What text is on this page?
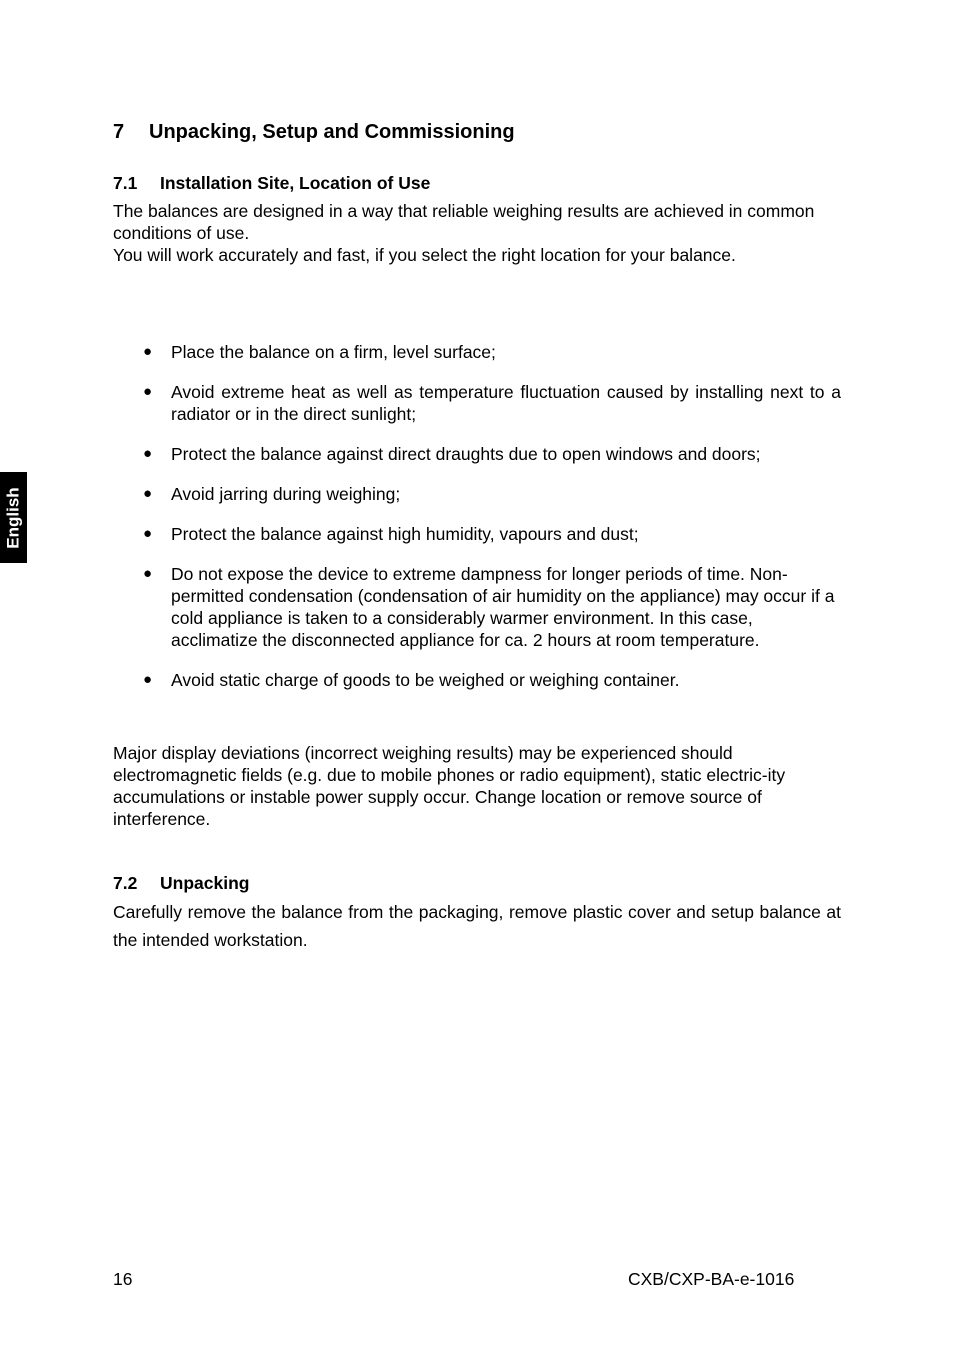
English
7 Unpacking, Setup and Commissioning
7.1 Installation Site, Location of Use

The balances are designed in a way that reliable weighing results are achieved in common conditions of use.
You will work accurately and fast, if you select the right location for your balance.

● Place the balance on a firm, level surface;
● Avoid extreme heat as well as temperature fluctuation caused by installing next to a radiator or in the direct sunlight;
● Protect the balance against direct draughts due to open windows and doors;
● Avoid jarring during weighing;
● Protect the balance against high humidity, vapours and dust;
● Do not expose the device to extreme dampness for longer periods of time. Non-permitted condensation (condensation of air humidity on the appliance) may occur if a cold appliance is taken to a considerably warmer environment. In this case, acclimatize the disconnected appliance for ca. 2 hours at room temperature.
● Avoid static charge of goods to be weighed or weighing container.

Major display deviations (incorrect weighing results) may be experienced should electromagnetic fields (e.g. due to mobile phones or radio equipment), static electric-ity accumulations or instable power supply occur. Change location or remove source of interference.

7.2 Unpacking

Carefully remove the balance from the packaging, remove plastic cover and setup balance at the intended workstation.

16	CXB/CXP-BA-e-1016
